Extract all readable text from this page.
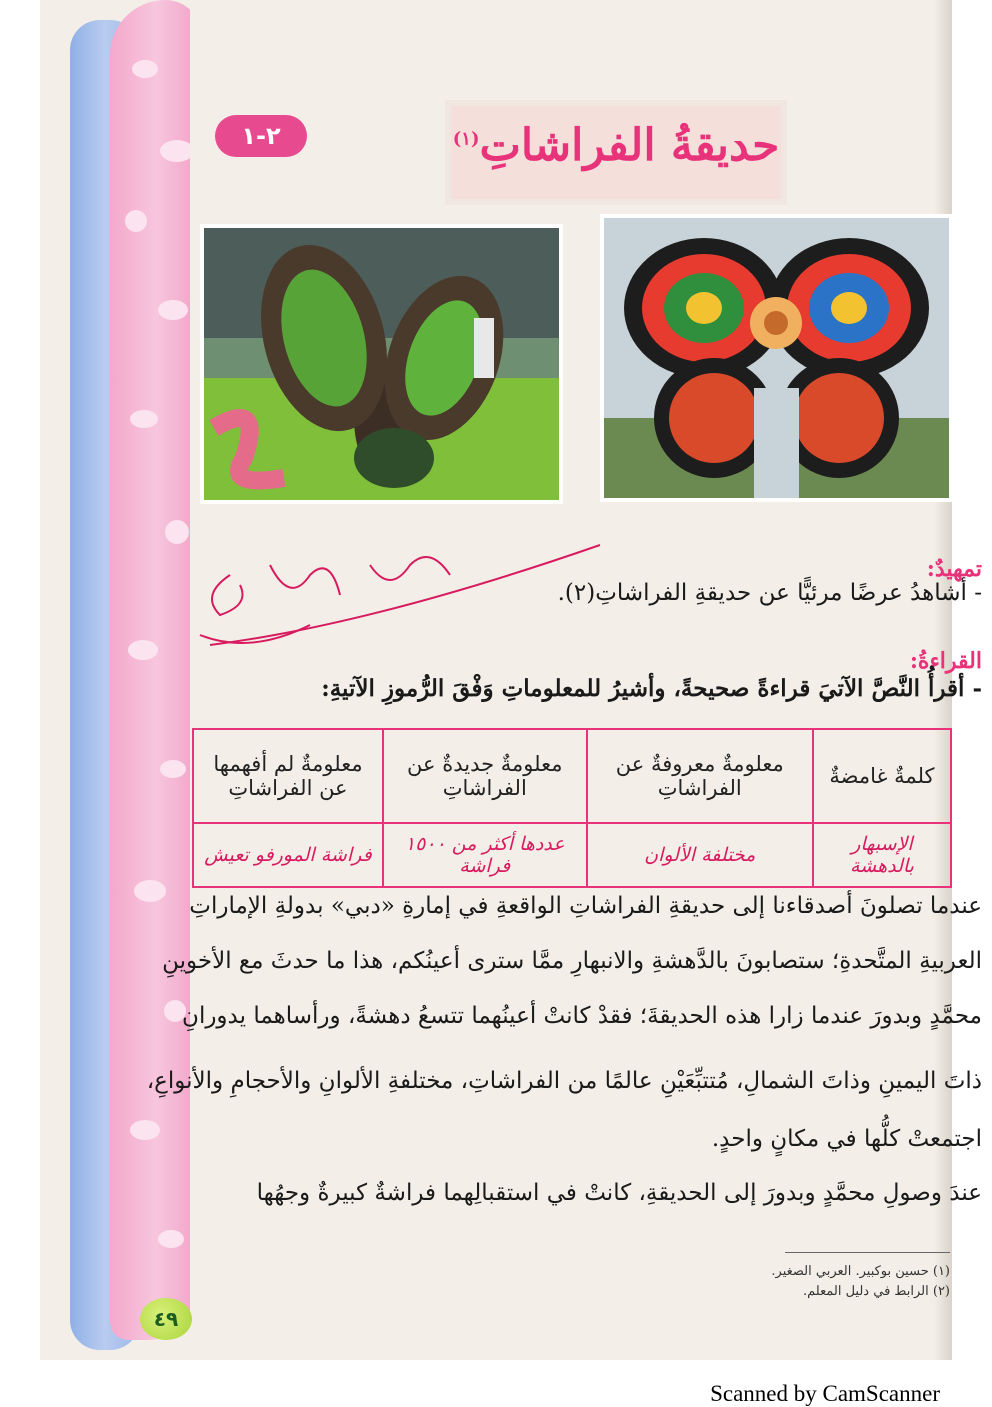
حديقةُ الفراشاتِ$^{(١)}$
٢-١
تمهيدٌ:
- أشاهدُ عرضًا مرئيًّا عن حديقةِ الفراشاتِ(٢).
القراءةُ:
- أقرأُ النَّصَّ الآتيَ قراءةً صحيحةً، وأشيرُ للمعلوماتِ وَفْقَ الرُّموزِ الآتيةِ:
كلمةٌ غامضةٌ	معلومةٌ معروفةٌ عن الفراشاتِ	معلومةٌ جديدةٌ عن الفراشاتِ	معلومةٌ لم أفهمها عن الفراشاتِ
الإسبهار بالدهشة	مختلفة الألوان	عددها أكثر من ١٥٠٠ فراشة	فراشة المورفو تعيش
عندما تصلونَ أصدقاءنا إلى حديقةِ الفراشاتِ الواقعةِ في إمارةِ «دبي» بدولةِ الإماراتِ
العربيةِ المتَّحدةِ؛ ستصابونَ بالدَّهشةِ والانبهارِ ممَّا سترى أعينُكم، هذا ما حدثَ مع الأخوينِ
محمَّدٍ وبدورَ عندما زارا هذه الحديقةَ؛ فقدْ كانتْ أعينُهما تتسعُ دهشةً، ورأساهما يدورانِ
ذاتَ اليمينِ وذاتَ الشمالِ، مُتتبِّعَيْنِ عالمًا من الفراشاتِ، مختلفةِ الألوانِ والأحجامِ والأنواعِ،
اجتمعتْ كلُّها في مكانٍ واحدٍ.
عندَ وصولِ محمَّدٍ وبدورَ إلى الحديقةِ، كانتْ في استقبالِهما فراشةٌ كبيرةٌ وجهُها
(١) حسين بوكبير. العربي الصغير.
(٢) الرابط في دليل المعلم.
٤٩
Scanned by CamScanner
